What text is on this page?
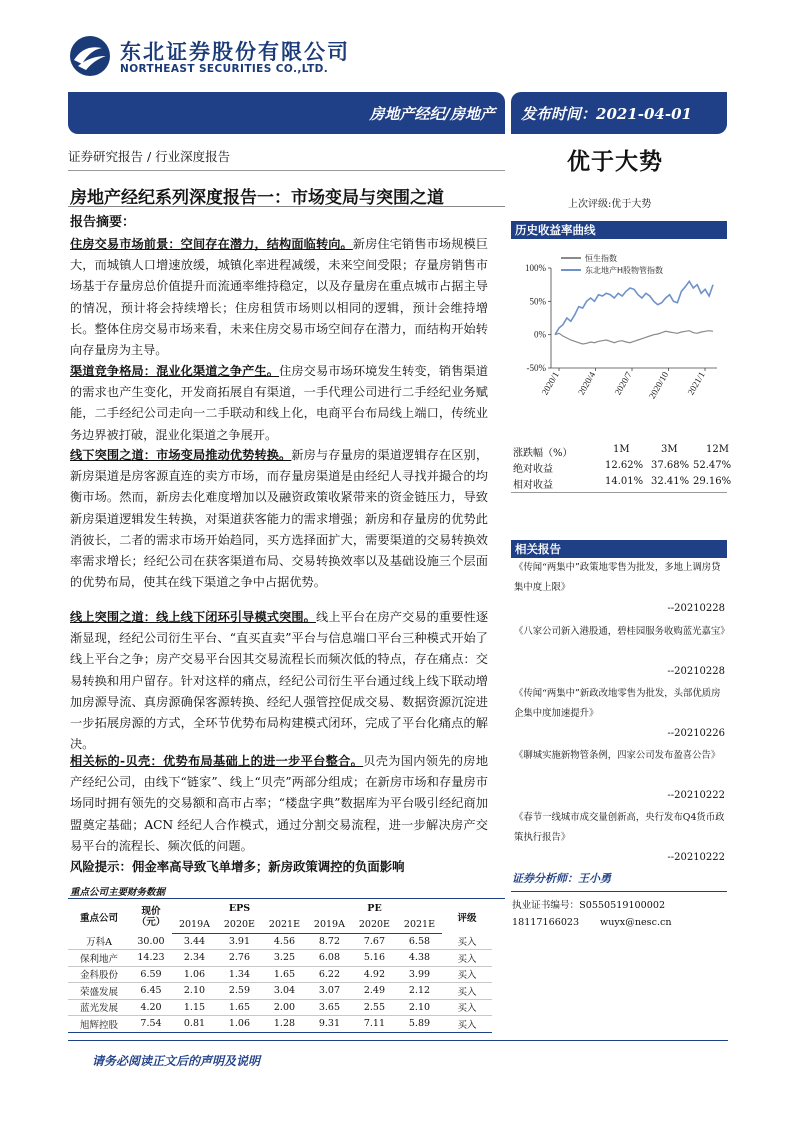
东北证券股份有限公司
NORTHEAST SECURITIES CO.,LTD.
房地产经纪/房地产 发布时间：2021-04-01
证券研究报告 / 行业深度报告	优于大势
上次评级:优于大势
房地产经纪系列深度报告一：市场变局与突围之道
报告摘要：
住房交易市场前景：空间存在潜力，结构面临转向。新房住宅销售市场规模巨大，而城镇人口增速放缓，城镇化率进程减缓，未来空间受限；存量房销售市场基于存量房总价值提升而流通率维持稳定，以及存量房在重点城市占据主导的情况，预计将会持续增长；住房租赁市场则以相同的逻辑，预计会维持增长。整体住房交易市场来看，未来住房交易市场空间存在潜力，而结构开始转向存量房为主导。
渠道竞争格局：混业化渠道之争产生。住房交易市场环境发生转变，销售渠道的需求也产生变化，开发商拓展自有渠道，一手代理公司进行二手经纪业务赋能，二手经纪公司走向一二手联动和线上化，电商平台布局线上端口，传统业务边界被打破，混业化渠道之争展开。
线下突围之道：市场变局推动优势转换。新房与存量房的渠道逻辑存在区别，新房渠道是房客源直连的卖方市场，而存量房渠道是由经纪人寻找并撮合的均衡市场。然而，新房去化难度增加以及融资政策收紧带来的资金链压力，导致新房渠道逻辑发生转换，对渠道获客能力的需求增强；新房和存量房的优势此消彼长，二者的需求市场开始趋同，买方选择面扩大，需要渠道的交易转换效率需求增长；经纪公司在获客渠道布局、交易转换效率以及基础设施三个层面的优势布局，使其在线下渠道之争中占据优势。
线上突围之道：线上线下闭环引导模式突围。线上平台在房产交易的重要性逐渐显现，经纪公司衍生平台、“直买直卖”平台与信息端口平台三种模式开始了线上平台之争；房产交易平台因其交易流程长而频次低的特点，存在痛点：交易转换和用户留存。针对这样的痛点，经纪公司衍生平台通过线上线下联动增加房源导流、真房源确保客源转换、经纪人强管控促成交易、数据资源沉淀进一步拓展房源的方式，全环节优势布局构建模式闭环，完成了平台化痛点的解决。
相关标的-贝壳：优势布局基础上的进一步平台整合。贝壳为国内领先的房地产经纪公司，由线下“链家”、线上“贝壳”两部分组成；在新房市场和存量房市场同时拥有领先的交易额和高市占率；“楼盘字典”数据库为平台吸引经纪商加盟奠定基础；ACN 经纪人合作模式，通过分割交易流程，进一步解决房产交易平台的流程长、频次低的问题。
风险提示：佣金率高导致飞单增多；新房政策调控的负面影响
重点公司主要财务数据
重点公司	现价（元）	EPS			PE			评级
		2019A	2020E	2021E	2019A	2020E	2021E	
万科A	30.00	3.44	3.91	4.56	8.72	7.67	6.58	买入
保利地产	14.23	2.34	2.76	3.25	6.08	5.16	4.38	买入
金科股份	6.59	1.06	1.34	1.65	6.22	4.92	3.99	买入
荣盛发展	6.45	2.10	2.59	3.04	3.07	2.49	2.12	买入
蓝光发展	4.20	1.15	1.65	2.00	3.65	2.55	2.10	买入
旭辉控股	7.54	0.81	1.06	1.28	9.31	7.11	5.89	买入
请务必阅读正文后的声明及说明
历史收益率曲线
100%
50%
0%
-50%
2020/1 2020/4 2020/7 2020/10 2021/1
恒生指数
东北地产H股物管指数
涨跌幅（%）	1M	3M	12M
绝对收益	12.62% 37.68% 52.47%
相对收益	14.01% 32.41% 29.16%
相关报告
《传闻“两集中”政策地零售为批发，多地上调房贷集中度上限》
--20210228
《八家公司新入港股通，碧桂园服务收购蓝光嘉宝》
--20210228
《传闻“两集中”新政改地零售为批发，头部优质房企集中度加速提升》
--20210226
《聊城实施新物管条例，四家公司发布盈喜公告》
--20210222
《春节一线城市成交量创新高，央行发布Q4货币政策执行报告》
--20210222
证券分析师：王小勇
执业证书编号：S0550519100002
18117166023 wuyx@nesc.cn
